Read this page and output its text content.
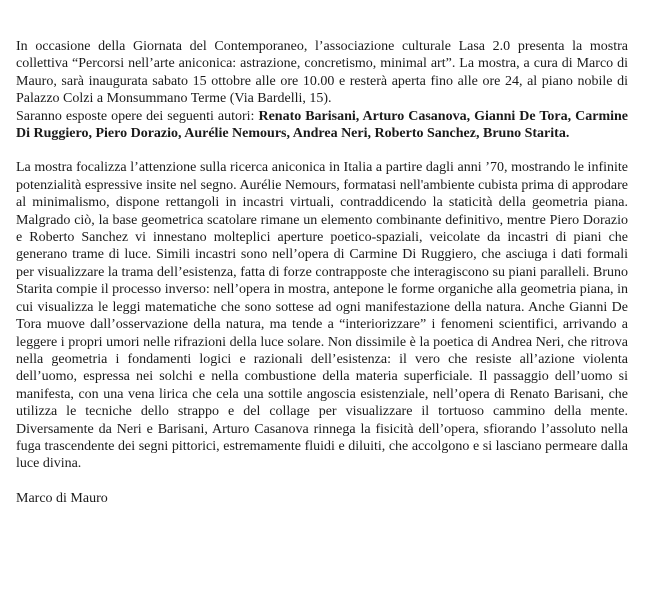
In occasione della Giornata del Contemporaneo, l’associazione culturale Lasa 2.0 presenta la mostra collettiva “Percorsi nell’arte aniconica: astrazione, concretismo, minimal art”. La mostra, a cura di Marco di Mauro, sarà inaugurata sabato 15 ottobre alle ore 10.00 e resterà aperta fino alle ore 24, al piano nobile di Palazzo Colzi a Monsummano Terme (Via Bardelli, 15).

Saranno esposte opere dei seguenti autori: Renato Barisani, Arturo Casanova, Gianni De Tora, Carmine Di Ruggiero, Piero Dorazio, Aurélie Nemours, Andrea Neri, Roberto Sanchez, Bruno Starita.

La mostra focalizza l’attenzione sulla ricerca aniconica in Italia a partire dagli anni ’70, mostrando le infinite potenzialità espressive insite nel segno. Aurélie Nemours, formatasi nell'ambiente cubista prima di approdare al minimalismo, dispone rettangoli in incastri virtuali, contraddicendo la staticità della geometria piana. Malgrado ciò, la base geometrica scatolare rimane un elemento combinante definitivo, mentre Piero Dorazio e Roberto Sanchez vi innestano molteplici aperture poetico-spaziali, veicolate da incastri di piani che generano trame di luce. Simili incastri sono nell’opera di Carmine Di Ruggiero, che asciuga i dati formali per visualizzare la trama dell’esistenza, fatta di forze contrapposte che interagiscono su piani paralleli. Bruno Starita compie il processo inverso: nell’opera in mostra, antepone le forme organiche alla geometria piana, in cui visualizza le leggi matematiche che sono sottese ad ogni manifestazione della natura. Anche Gianni De Tora muove dall’osservazione della natura, ma tende a “interiorizzare” i fenomeni scientifici, arrivando a leggere i propri umori nelle rifrazioni della luce solare. Non dissimile è la poetica di Andrea Neri, che ritrova nella geometria i fondamenti logici e razionali dell’esistenza: il vero che resiste all’azione violenta dell’uomo, espressa nei solchi e nella combustione della materia superficiale. Il passaggio dell’uomo si manifesta, con una vena lirica che cela una sottile angoscia esistenziale, nell’opera di Renato Barisani, che utilizza le tecniche dello strappo e del collage per visualizzare il tortuoso cammino della mente. Diversamente da Neri e Barisani, Arturo Casanova rinnega la fisicità dell’opera, sfiorando l’assoluto nella fuga trascendente dei segni pittorici, estremamente fluidi e diluiti, che accolgono e si lasciano permeare dalla luce divina.

Marco di Mauro
